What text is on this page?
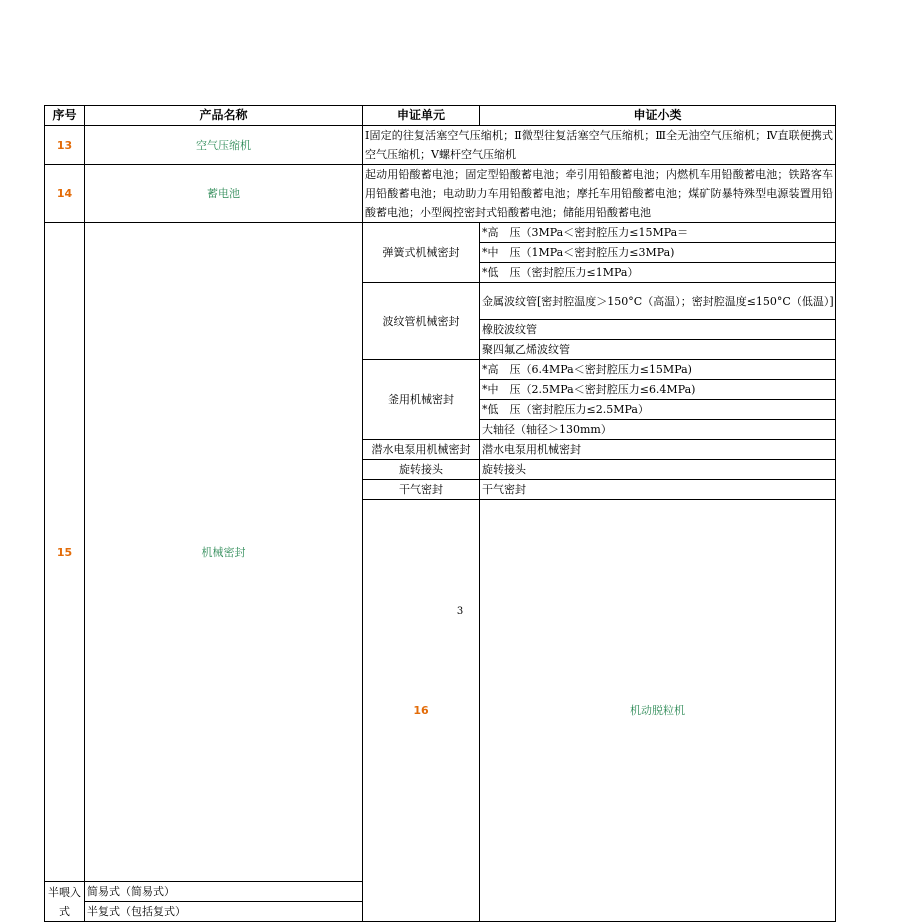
序号	产品名称	申证单元	申证小类	
13	空气压缩机	Ⅰ固定的往复活塞空气压缩机；Ⅱ微型往复活塞空气压缩机；Ⅲ全无油空气压缩机；Ⅳ直联便携式空气压缩机；Ⅴ螺杆空气压缩机		
14	蓄电池	起动用铅酸蓄电池；固定型铅酸蓄电池；牵引用铅酸蓄电池；内燃机车用铅酸蓄电池；铁路客车用铅酸蓄电池；电动助力车用铅酸蓄电池；摩托车用铅酸蓄电池；煤矿防暴特殊型电源装置用铅酸蓄电池；小型阀控密封式铅酸蓄电池；储能用铅酸蓄电池		
15	机械密封	弹簧式机械密封	*高　压（3MPa＜密封腔压力≤15MPa＝	
			*中　压（1MPa＜密封腔压力≤3MPa)	
			*低　压（密封腔压力≤1MPa）	
		波纹管机械密封	金属波纹管[密封腔温度＞150°C（高温）；密封腔温度≤150°C（低温）]	
			橡胶波纹管	
			聚四氟乙烯波纹管	
		釜用机械密封	*高　压（6.4MPa＜密封腔压力≤15MPa)	
			*中　压（2.5MPa＜密封腔压力≤6.4MPa)	
			*低　压（密封腔压力≤2.5MPa）	
			大轴径（轴径＞130mm）	
		潜水电泵用机械密封	潜水电泵用机械密封	
		旋转接头	旋转接头	
		干气密封	干气密封	
		16	机动脱粒机		

半喂入式	简易式（简易式）			
	半复式（包括复式）			
3
